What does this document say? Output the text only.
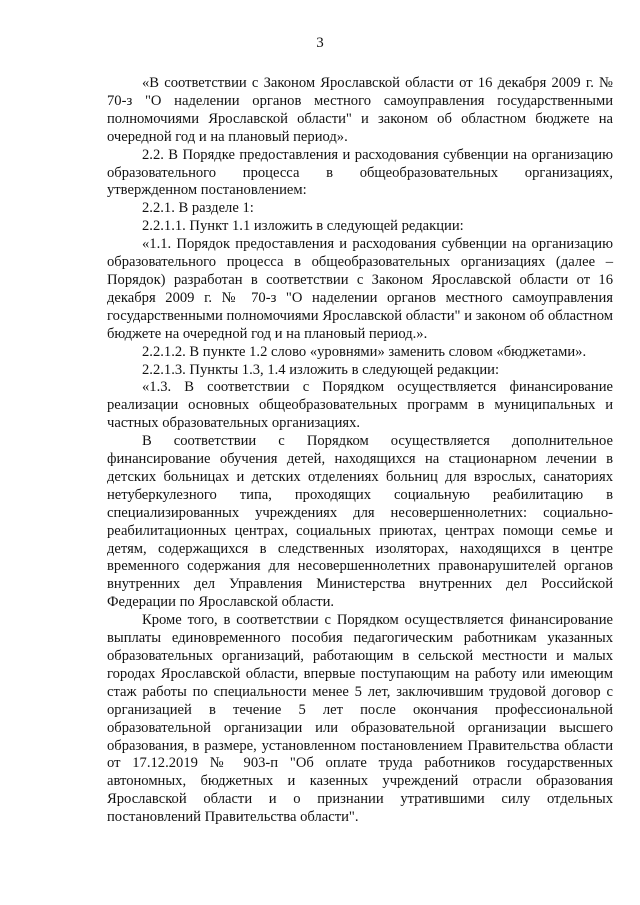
3

«В соответствии с Законом Ярославской области от 16 декабря 2009 г. № 70-з "О наделении органов местного самоуправления государственными полномочиями Ярославской области" и законом об областном бюджете на очередной год и на плановый период».

2.2. В Порядке предоставления и расходования субвенции на организацию образовательного процесса в общеобразовательных организациях, утвержденном постановлением:

2.2.1. В разделе 1:

2.2.1.1. Пункт 1.1 изложить в следующей редакции:

«1.1. Порядок предоставления и расходования субвенции на организацию образовательного процесса в общеобразовательных организациях (далее – Порядок) разработан в соответствии с Законом Ярославской области от 16 декабря 2009 г. № 70-з "О наделении органов местного самоуправления государственными полномочиями Ярославской области" и законом об областном бюджете на очередной год и на плановый период.».

2.2.1.2. В пункте 1.2 слово «уровнями» заменить словом «бюджетами».

2.2.1.3. Пункты 1.3, 1.4 изложить в следующей редакции:

«1.3. В соответствии с Порядком осуществляется финансирование реализации основных общеобразовательных программ в муниципальных и частных образовательных организациях.

В соответствии с Порядком осуществляется дополнительное финансирование обучения детей, находящихся на стационарном лечении в детских больницах и детских отделениях больниц для взрослых, санаториях нетуберкулезного типа, проходящих социальную реабилитацию в специализированных учреждениях для несовершеннолетних: социально-реабилитационных центрах, социальных приютах, центрах помощи семье и детям, содержащихся в следственных изоляторах, находящихся в центре временного содержания для несовершеннолетних правонарушителей органов внутренних дел Управления Министерства внутренних дел Российской Федерации по Ярославской области.

Кроме того, в соответствии с Порядком осуществляется финансирование выплаты единовременного пособия педагогическим работникам указанных образовательных организаций, работающим в сельской местности и малых городах Ярославской области, впервые поступающим на работу или имеющим стаж работы по специальности менее 5 лет, заключившим трудовой договор с организацией в течение 5 лет после окончания профессиональной образовательной организации или образовательной организации высшего образования, в размере, установленном постановлением Правительства области от 17.12.2019 № 903-п "Об оплате труда работников государственных автономных, бюджетных и казенных учреждений отрасли образования Ярославской области и о признании утратившими силу отдельных постановлений Правительства области".
